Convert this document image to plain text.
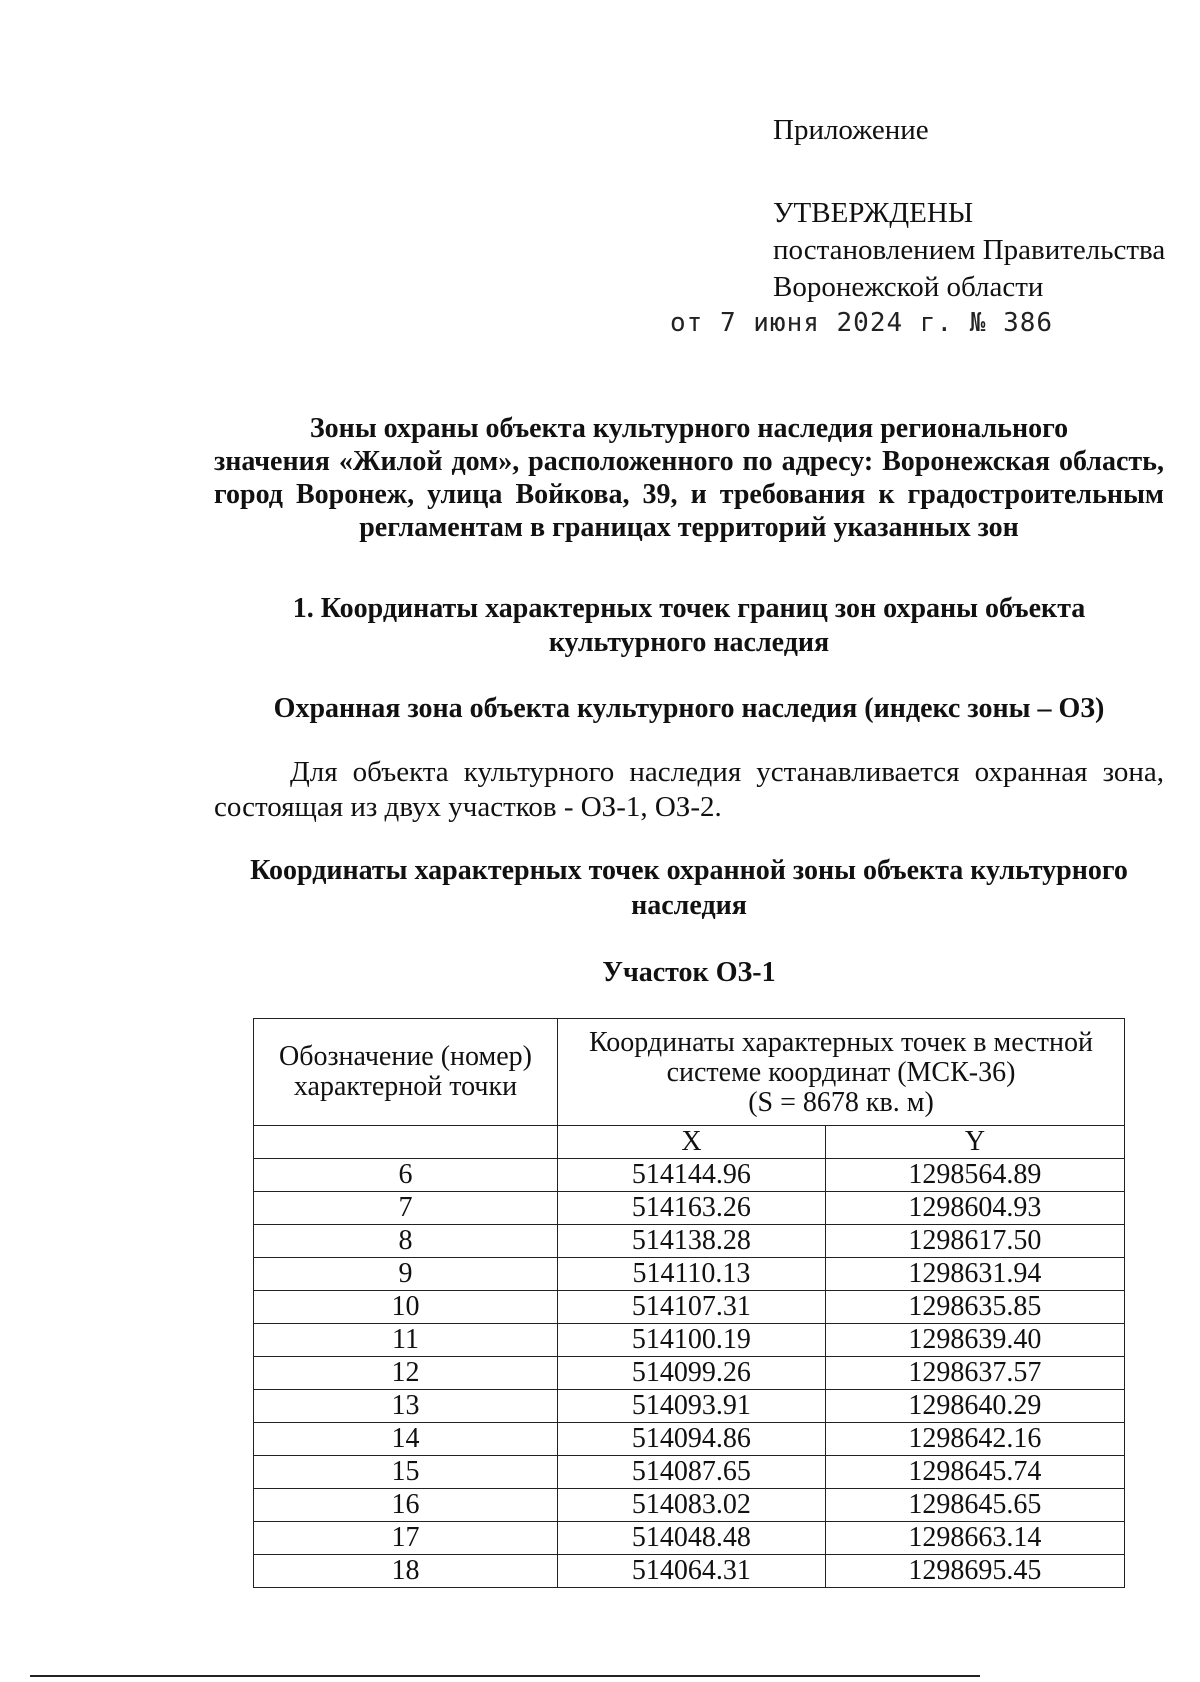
Приложение
УТВЕРЖДЕНЫ
постановлением Правительства
Воронежской области
от 7 июня 2024 г. № 386
Зоны охраны объекта культурного наследия регионального
значения «Жилой дом», расположенного по адресу: Воронежская область, город Воронеж, улица Войкова, 39, и требования к градостроительным регламентам в границах территорий указанных зон
1. Координаты характерных точек границ зон охраны объекта культурного наследия
Охранная зона объекта культурного наследия (индекс зоны – ОЗ)
Для объекта культурного наследия устанавливается охранная зона, состоящая из двух участков - ОЗ-1, ОЗ-2.
Координаты характерных точек охранной зоны объекта культурного наследия
Участок ОЗ-1
Обозначение (номер) характерной точки	Координаты характерных точек в местной
системе координат (МСК-36)
(S = 8678 кв. м)	

	X	Y
6	514144.96	1298564.89
7	514163.26	1298604.93
8	514138.28	1298617.50
9	514110.13	1298631.94
10	514107.31	1298635.85
11	514100.19	1298639.40
12	514099.26	1298637.57
13	514093.91	1298640.29
14	514094.86	1298642.16
15	514087.65	1298645.74
16	514083.02	1298645.65
17	514048.48	1298663.14
18	514064.31	1298695.45
